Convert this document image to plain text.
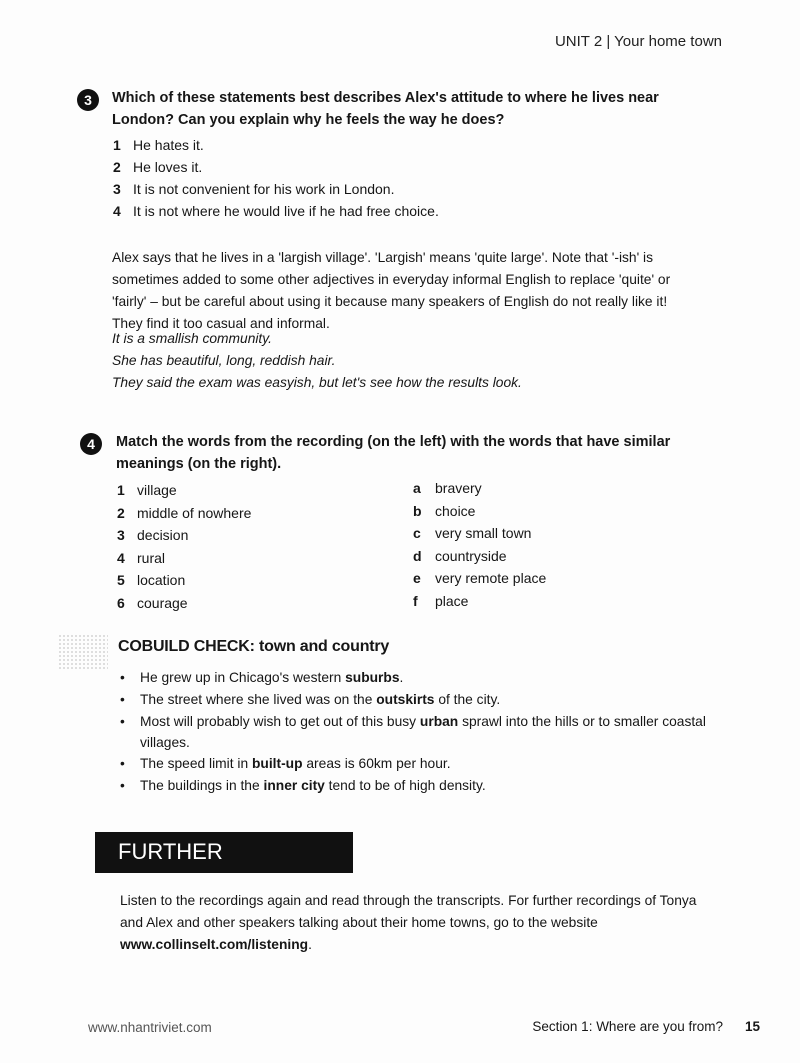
UNIT 2 | Your home town
3	Which of these statements best describes Alex's attitude to where he lives near London? Can you explain why he feels the way he does?
Alex says that he lives in a 'largish village'. 'Largish' means 'quite large'. Note that '-ish' is sometimes added to some other adjectives in everyday informal English to replace 'quite' or 'fairly' – but be careful about using it because many speakers of English do not really like it! They find it too casual and informal.
It is a smallish community.
She has beautiful, long, reddish hair.
They said the exam was easyish, but let's see how the results look.
4	Match the words from the recording (on the left) with the words that have similar meanings (on the right).
COBUILD CHECK: town and country
FURTHER
Listen to the recordings again and read through the transcripts. For further recordings of Tonya and Alex and other speakers talking about their home towns, go to the website www.collinselt.com/listening.
www.nhantriviet.com	Section 1: Where are you from? 15
1 He hates it.
2 He loves it.
3 It is not convenient for his work in London.
4 It is not where he would live if he had free choice.
1 village	a bravery
2 middle of nowhere	b choice
3 decision	c very small town
4 rural	d countryside
5 location	e very remote place
6 courage	f place
• He grew up in Chicago's western suburbs.
• The street where she lived was on the outskirts of the city.
• Most will probably wish to get out of this busy urban sprawl into the hills or to smaller coastal villages.
• The speed limit in built-up areas is 60km per hour.
• The buildings in the inner city tend to be of high density.
